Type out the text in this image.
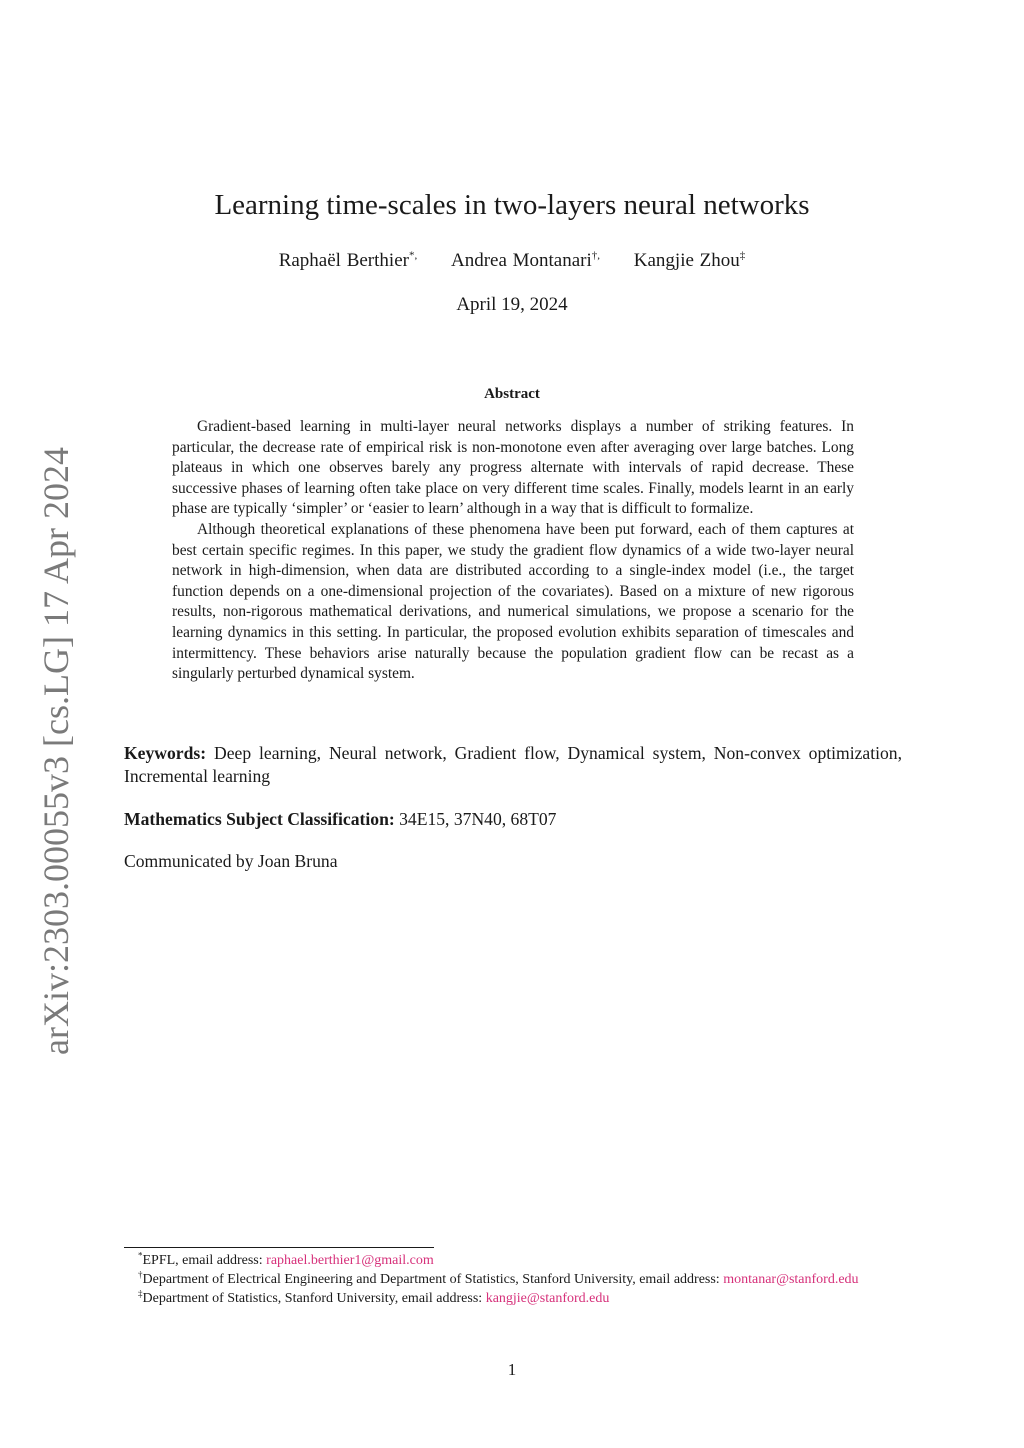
arXiv:2303.00055v3 [cs.LG] 17 Apr 2024
Learning time-scales in two-layers neural networks
Raphaël Berthier*, Andrea Montanari†, Kangjie Zhou‡
April 19, 2024
Abstract

Gradient-based learning in multi-layer neural networks displays a number of striking features. In particular, the decrease rate of empirical risk is non-monotone even after averaging over large batches. Long plateaus in which one observes barely any progress alternate with intervals of rapid decrease. These successive phases of learning often take place on very different time scales. Finally, models learnt in an early phase are typically ‘simpler’ or ‘easier to learn’ although in a way that is difficult to formalize.

Although theoretical explanations of these phenomena have been put forward, each of them captures at best certain specific regimes. In this paper, we study the gradient flow dynamics of a wide two-layer neural network in high-dimension, when data are distributed according to a single-index model (i.e., the target function depends on a one-dimensional projection of the covariates). Based on a mixture of new rigorous results, non-rigorous mathematical derivations, and numerical simulations, we propose a scenario for the learning dynamics in this setting. In particular, the proposed evolution exhibits separation of timescales and intermittency. These behaviors arise naturally because the population gradient flow can be recast as a singularly perturbed dynamical system.

Keywords: Deep learning, Neural network, Gradient flow, Dynamical system, Non-convex optimization, Incremental learning
Mathematics Subject Classification: 34E15, 37N40, 68T07
Communicated by Joan Bruna
*EPFL, email address: raphael.berthier1@gmail.com
†Department of Electrical Engineering and Department of Statistics, Stanford University, email address: montanar@stanford.edu
‡Department of Statistics, Stanford University, email address: kangjie@stanford.edu
1
